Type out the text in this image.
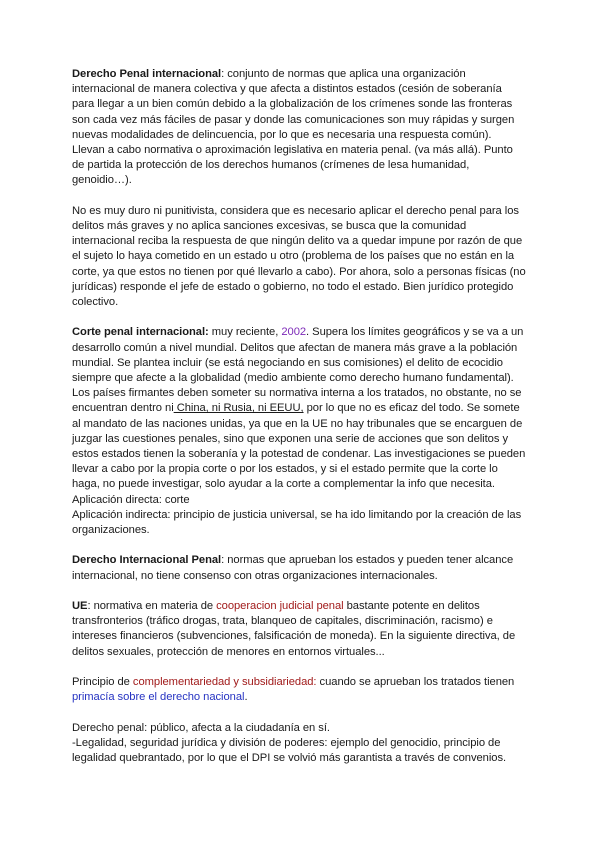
Derecho Penal internacional: conjunto de normas que aplica una organización
internacional de manera colectiva y que afecta a distintos estados (cesión de soberanía
para llegar a un bien común debido a la globalización de los crímenes sonde las fronteras
son cada vez más fáciles de pasar y donde las comunicaciones son muy rápidas y surgen
nuevas modalidades de delincuencia, por lo que es necesaria una respuesta común).
Llevan a cabo normativa o aproximación legislativa en materia penal. (va más allá). Punto
de partida la protección de los derechos humanos (crímenes de lesa humanidad,
genoidio…).
No es muy duro ni punitivista, considera que es necesario aplicar el derecho penal para los
delitos más graves y no aplica sanciones excesivas, se busca que la comunidad
internacional reciba la respuesta de que ningún delito va a quedar impune por razón de que
el sujeto lo haya cometido en un estado u otro (problema de los países que no están en la
corte, ya que estos no tienen por qué llevarlo a cabo). Por ahora, solo a personas físicas (no
jurídicas) responde el jefe de estado o gobierno, no todo el estado. Bien jurídico protegido
colectivo.
Corte penal internacional: muy reciente, 2002. Supera los límites geográficos y se va a un
desarrollo común a nivel mundial. Delitos que afectan de manera más grave a la población
mundial. Se plantea incluir (se está negociando en sus comisiones) el delito de ecocidio
siempre que afecte a la globalidad (medio ambiente como derecho humano fundamental).
Los países firmantes deben someter su normativa interna a los tratados, no obstante, no se
encuentran dentro ni China, ni Rusia, ni EEUU, por lo que no es eficaz del todo. Se somete
al mandato de las naciones unidas, ya que en la UE no hay tribunales que se encarguen de
juzgar las cuestiones penales, sino que exponen una serie de acciones que son delitos y
estos estados tienen la soberanía y la potestad de condenar. Las investigaciones se pueden
llevar a cabo por la propia corte o por los estados, y si el estado permite que la corte lo
haga, no puede investigar, solo ayudar a la corte a complementar la info que necesita.
Aplicación directa: corte
Aplicación indirecta: principio de justicia universal, se ha ido limitando por la creación de las
organizaciones.
Derecho Internacional Penal: normas que aprueban los estados y pueden tener alcance
internacional, no tiene consenso con otras organizaciones internacionales.
UE: normativa en materia de cooperacion judicial penal bastante potente en delitos
transfronterios (tráfico drogas, trata, blanqueo de capitales, discriminación, racismo) e
intereses financieros (subvenciones, falsificación de moneda). En la siguiente directiva, de
delitos sexuales, protección de menores en entornos virtuales...
Principio de complementariedad y subsidiariedad: cuando se aprueban los tratados tienen
primacía sobre el derecho nacional.
Derecho penal: público, afecta a la ciudadanía en sí.
-Legalidad, seguridad jurídica y división de poderes: ejemplo del genocidio, principio de
legalidad quebrantado, por lo que el DPI se volvió más garantista a través de convenios.
